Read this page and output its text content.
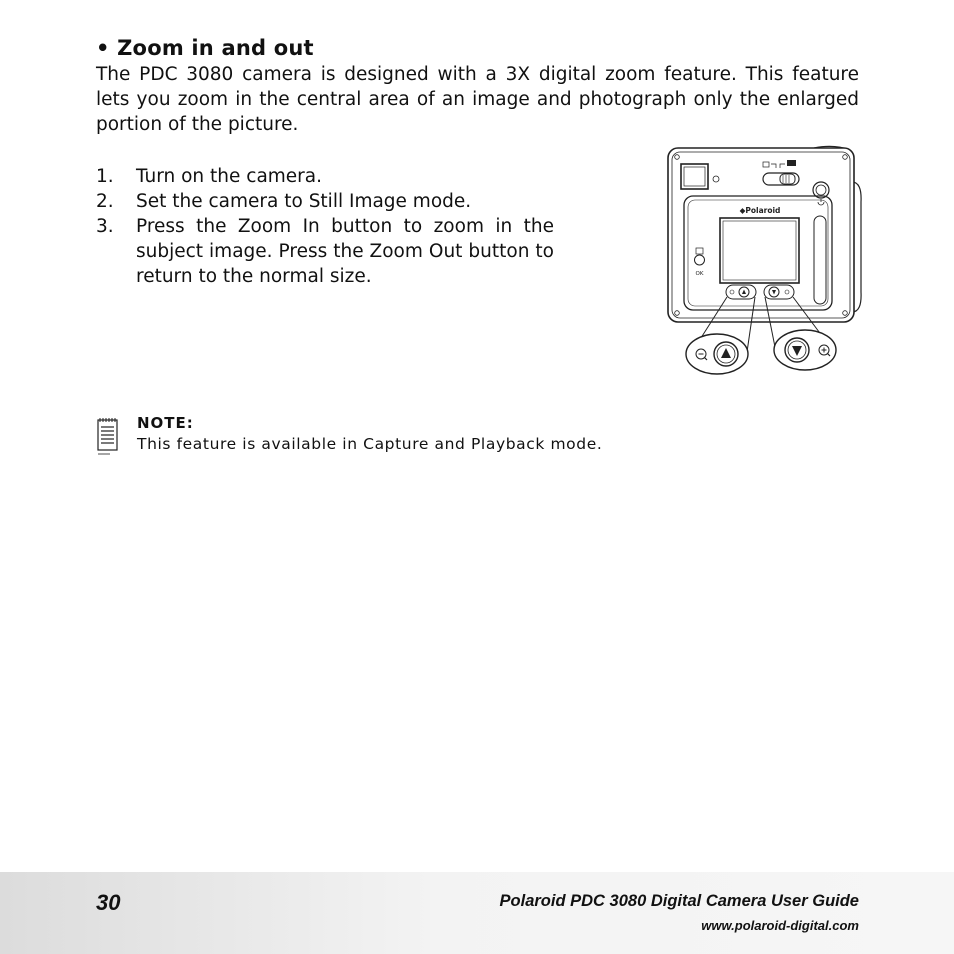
• Zoom in and out

The PDC 3080 camera is designed with a 3X digital zoom feature. This feature lets you zoom in the central area of an image and photograph only the enlarged portion of the picture.

1.	Turn on the camera.
2.	Set the camera to Still Image mode.
3.	Press the Zoom In button to zoom in the subject image. Press the Zoom Out button to return to the normal size.
◆Polaroid
OK
NOTE:
This feature is available in Capture and Playback mode.
30	Polaroid PDC 3080 Digital Camera User Guide
www.polaroid-digital.com
